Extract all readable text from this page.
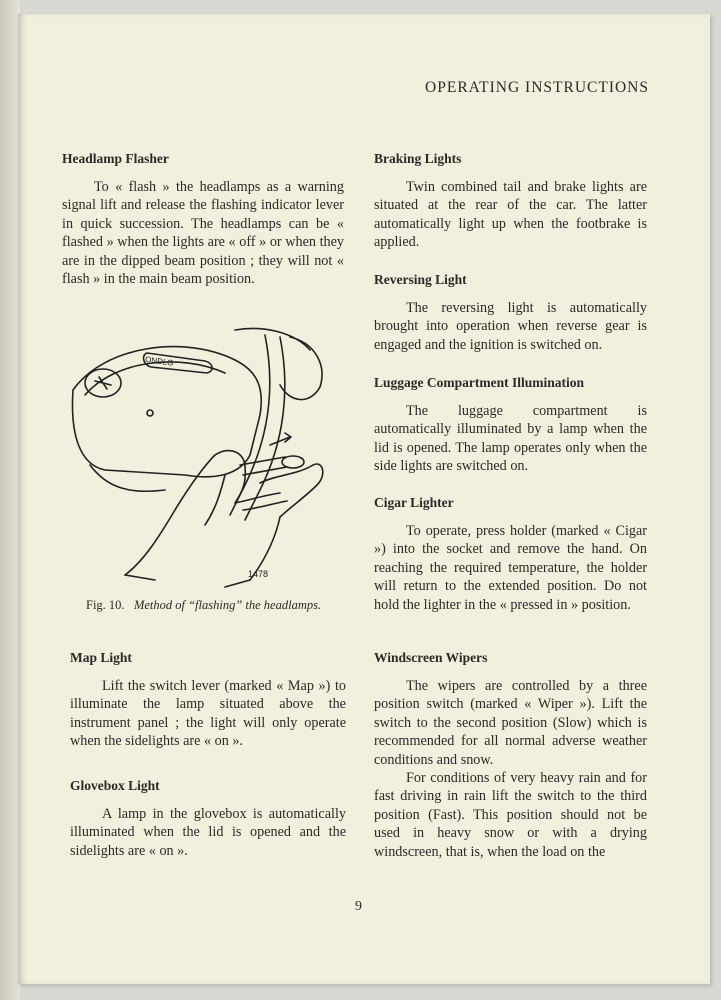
OPERATING INSTRUCTIONS

Headlamp Flasher

To « flash » the headlamps as a warning signal lift and release the flashing indicator lever in quick succession. The headlamps can be « flashed » when the lights are « off » or when they are in the dipped beam position ; they will not « flash » in the main beam position.

ONDLG
1478
Fig. 10. Method of “flashing” the headlamps.

Map Light

Lift the switch lever (marked « Map ») to illuminate the lamp situated above the instrument panel ; the light will only operate when the sidelights are « on ».

Glovebox Light

A lamp in the glovebox is automatically illuminated when the lid is opened and the sidelights are « on ».

Braking Lights

Twin combined tail and brake lights are situated at the rear of the car. The latter automatically light up when the footbrake is applied.

Reversing Light

The reversing light is automatically brought into operation when reverse gear is engaged and the ignition is switched on.

Luggage Compartment Illumination

The luggage compartment is automatically illuminated by a lamp when the lid is opened. The lamp operates only when the side lights are switched on.

Cigar Lighter

To operate, press holder (marked « Cigar ») into the socket and remove the hand. On reaching the required temperature, the holder will return to the extended position. Do not hold the lighter in the « pressed in » position.

Windscreen Wipers

The wipers are controlled by a three position switch (marked « Wiper »). Lift the switch to the second position (Slow) which is recommended for all normal adverse weather conditions and snow.

For conditions of very heavy rain and for fast driving in rain lift the switch to the third position (Fast). This position should not be used in heavy snow or with a drying windscreen, that is, when the load on the

9
